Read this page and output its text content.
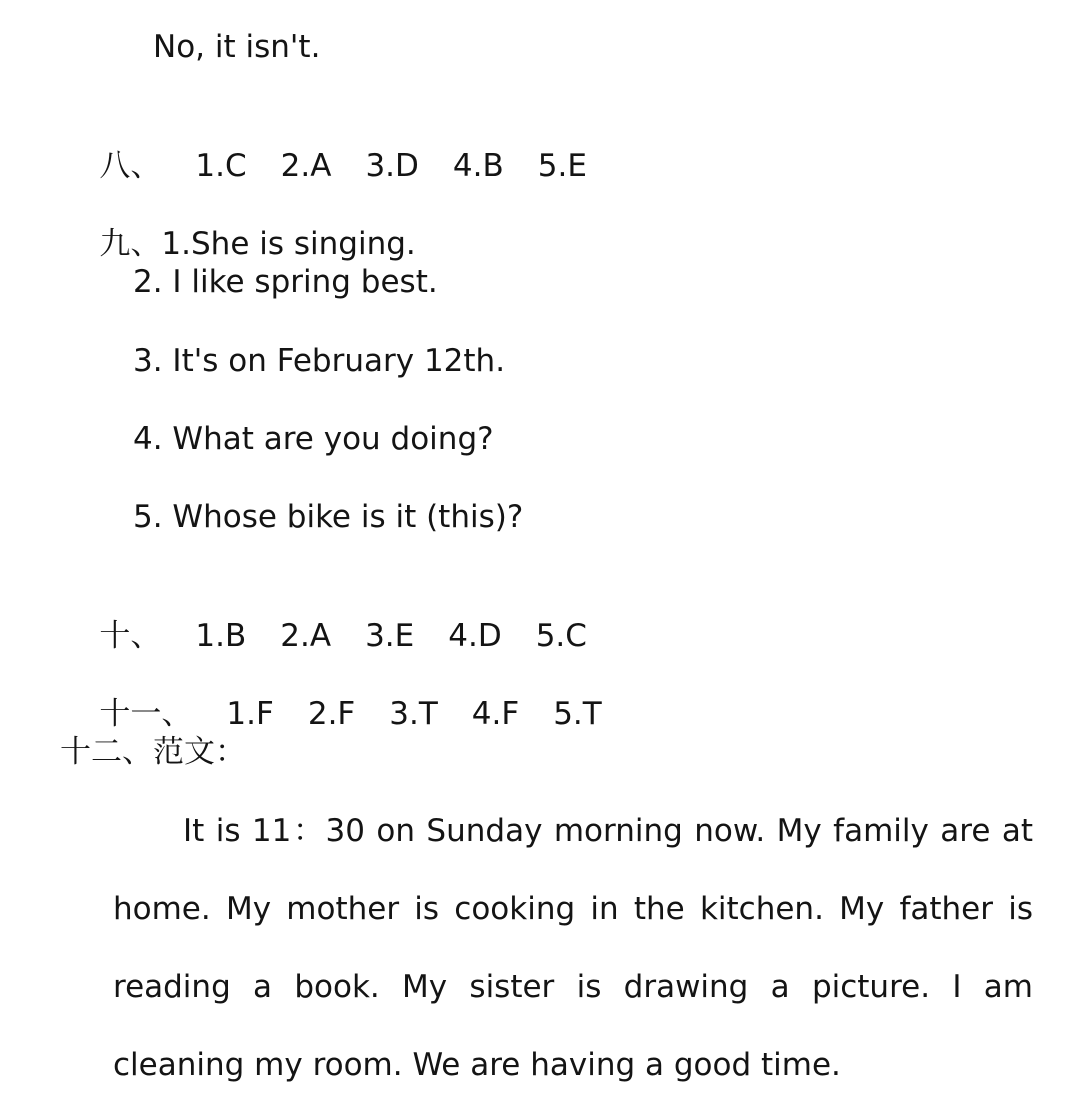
No, it isn't.

八、 1.C 2.A 3.D 4.B 5.E

九、1.She is singing.

2. I like spring best.
3. It's on February 12th.
4. What are you doing?
5. Whose bike is it (this)?

十、 1.B 2.A 3.E 4.D 5.C

十一、 1.F 2.F 3.T 4.F 5.T

十二、范文：
It is 11：30 on Sunday morning now. My family are at
home. My mother is cooking in the kitchen. My father is
reading a book. My sister is drawing a picture. I am
cleaning my room. We are having a good time.
